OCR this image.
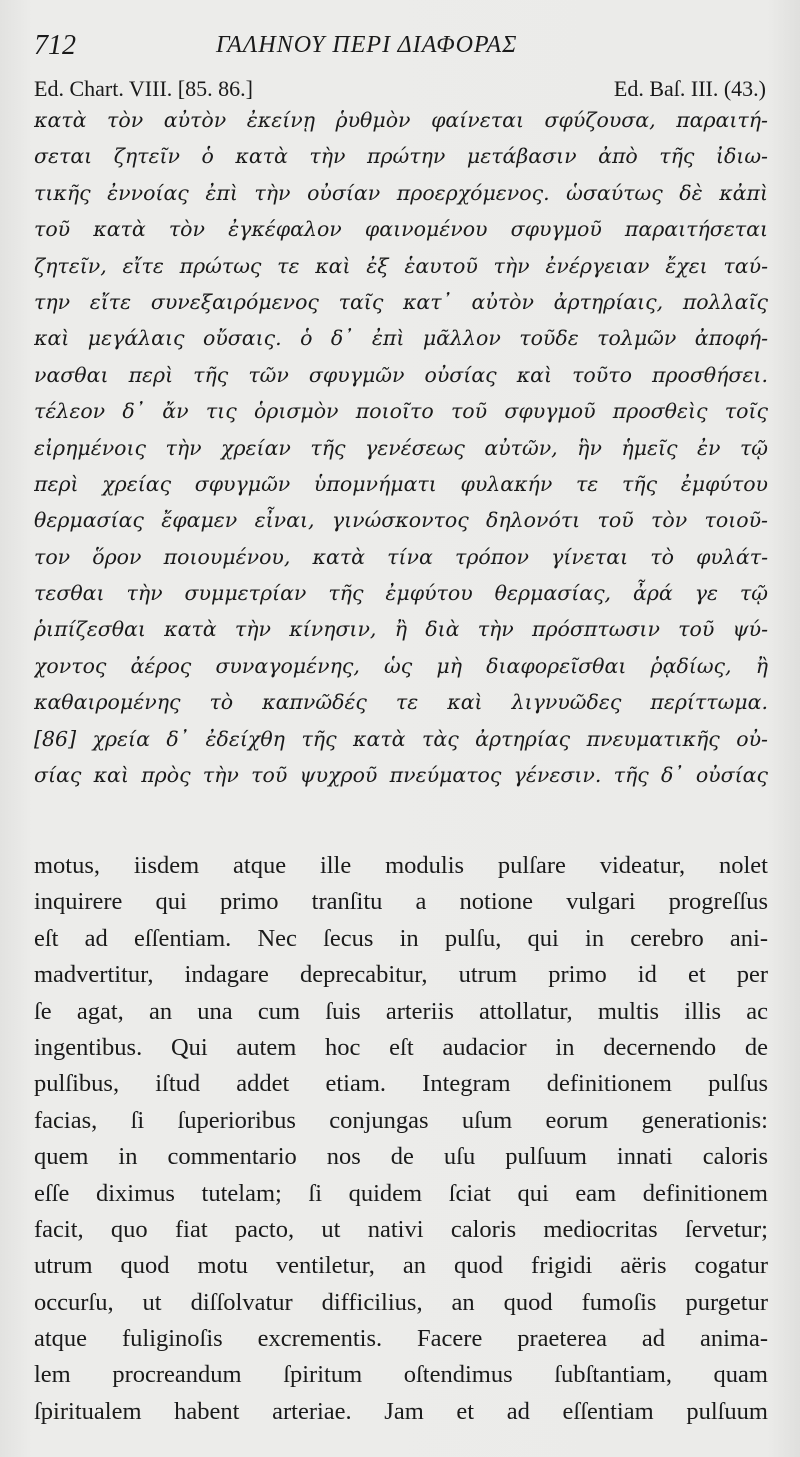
712	ΓΑΛΗΝΟΥ ΠΕΡΙ ΔΙΑΦΟΡΑΣ
Ed. Chart. VIII. [85. 86.]	Ed. Baſ. III. (43.)
κατὰ τὸν αὐτὸν ἐκείνῃ ῥυθμὸν φαίνεται σφύζουσα, παραιτή-
σεται ζητεῖν ὁ κατὰ τὴν πρώτην μετάβασιν ἀπὸ τῆς ἰδιω-
τικῆς ἐννοίας ἐπὶ τὴν οὐσίαν προερχόμενος. ὡσαύτως δὲ κἀπὶ
τοῦ κατὰ τὸν ἐγκέφαλον φαινομένου σφυγμοῦ παραιτήσεται
ζητεῖν, εἴτε πρώτως τε καὶ ἐξ ἑαυτοῦ τὴν ἐνέργειαν ἔχει ταύ-
την εἴτε συνεξαιρόμενος ταῖς κατ᾽ αὐτὸν ἀρτηρίαις, πολλαῖς
καὶ μεγάλαις οὔσαις. ὁ δ᾽ ἐπὶ μᾶλλον τοῦδε τολμῶν ἀποφή-
νασθαι περὶ τῆς τῶν σφυγμῶν οὐσίας καὶ τοῦτο προσθήσει.
τέλεον δ᾽ ἄν τις ὁρισμὸν ποιοῖτο τοῦ σφυγμοῦ προσθεὶς τοῖς
εἰρημένοις τὴν χρείαν τῆς γενέσεως αὐτῶν, ἣν ἡμεῖς ἐν τῷ
περὶ χρείας σφυγμῶν ὑπομνήματι φυλακήν τε τῆς ἐμφύτου
θερμασίας ἔφαμεν εἶναι, γινώσκοντος δηλονότι τοῦ τὸν τοιοῦ-
τον ὅρον ποιουμένου, κατὰ τίνα τρόπον γίνεται τὸ φυλάτ-
τεσθαι τὴν συμμετρίαν τῆς ἐμφύτου θερμασίας, ἆρά γε τῷ
ῥιπίζεσθαι κατὰ τὴν κίνησιν, ἢ διὰ τὴν πρόσπτωσιν τοῦ ψύ-
χοντος ἀέρος συναγομένης, ὡς μὴ διαφορεῖσθαι ῥᾳδίως, ἢ
καθαιρομένης τὸ καπνῶδές τε καὶ λιγνυῶδες περίττωμα.
[86] χρεία δ᾽ ἐδείχθη τῆς κατὰ τὰς ἀρτηρίας πνευματικῆς οὐ-
σίας καὶ πρὸς τὴν τοῦ ψυχροῦ πνεύματος γένεσιν. τῆς δ᾽ οὐσίας
motus, iisdem atque ille modulis pulſare videatur, nolet
inquirere qui primo tranſitu a notione vulgari progreſſus
eſt ad eſſentiam. Nec ſecus in pulſu, qui in cerebro ani-
madvertitur, indagare deprecabitur, utrum primo id et per
ſe agat, an una cum ſuis arteriis attollatur, multis illis ac
ingentibus. Qui autem hoc eſt audacior in decernendo de
pulſibus, iſtud addet etiam. Integram definitionem pulſus
facias, ſi ſuperioribus conjungas uſum eorum generationis:
quem in commentario nos de uſu pulſuum innati caloris
eſſe diximus tutelam; ſi quidem ſciat qui eam definitionem
facit, quo fiat pacto, ut nativi caloris mediocritas ſervetur;
utrum quod motu ventiletur, an quod frigidi aëris cogatur
occurſu, ut diſſolvatur difficilius, an quod fumoſis purgetur
atque fuliginoſis excrementis. Facere praeterea ad anima-
lem procreandum ſpiritum oſtendimus ſubſtantiam, quam
ſpiritualem habent arteriae. Jam et ad eſſentiam pulſuum
